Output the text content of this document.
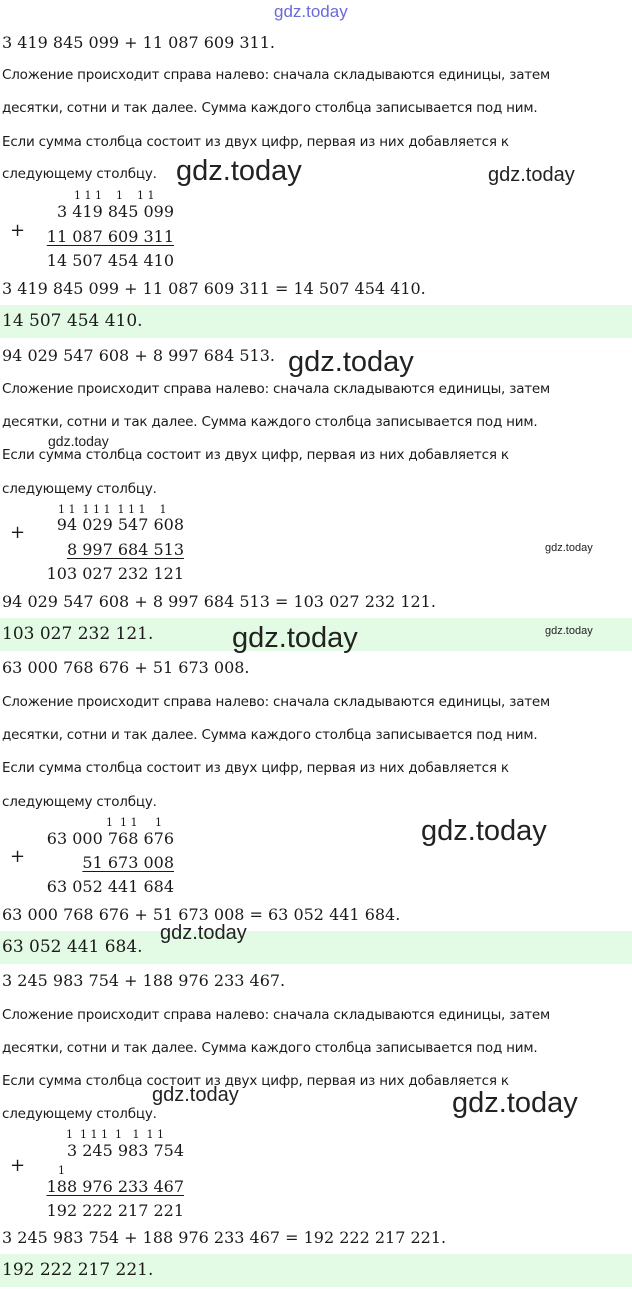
gdz.today
3 419 845 099 + 11 087 609 311.
Сложение происходит справа налево: сначала складываются единицы, затем
десятки, сотни и так далее. Сумма каждого столбца записывается под ним.
Если сумма столбца состоит из двух цифр, первая из них добавляется к
следующему столбцу. gdz.today	gdz.today
1 1 1    1    1 1
+
3 419 845 099
11 087 609 311
14 507 454 410
3 419 845 099 + 11 087 609 311 = 14 507 454 410.
14 507 454 410.
94 029 547 608 + 8 997 684 513. gdz.today
Сложение происходит справа налево: сначала складываются единицы, затем
десятки, сотни и так далее. Сумма каждого столбца записывается под ним.
gdz.today
Если сумма столбца состоит из двух цифр, первая из них добавляется к
следующему столбцу.
1 1  1 1 1  1 1 1    1
+ 94 029 547 608
8 997 684 513	gdz.today
103 027 232 121
94 029 547 608 + 8 997 684 513 = 103 027 232 121.
103 027 232 121.	gdz.today	gdz.today
63 000 768 676 + 51 673 008.
Сложение происходит справа налево: сначала складываются единицы, затем
десятки, сотни и так далее. Сумма каждого столбца записывается под ним.
Если сумма столбца состоит из двух цифр, первая из них добавляется к
следующему столбцу.
1  1 1     1	gdz.today
+
63 000 768 676
51 673 008
63 052 441 684
63 000 768 676 + 51 673 008 = 63 052 441 684.
63 052 441 684.
gdz.today
3 245 983 754 + 188 976 233 467.
Сложение происходит справа налево: сначала складываются единицы, затем
десятки, сотни и так далее. Сумма каждого столбца записывается под ним.
Если сумма столбца состоит из двух цифр, первая из них добавляется к
gdz.today	gdz.today
следующему столбцу.
1  1 1 1  1   1  1 1
+
3 245 983 754
1
188 976 233 467
192 222 217 221
3 245 983 754 + 188 976 233 467 = 192 222 217 221.
192 222 217 221.
